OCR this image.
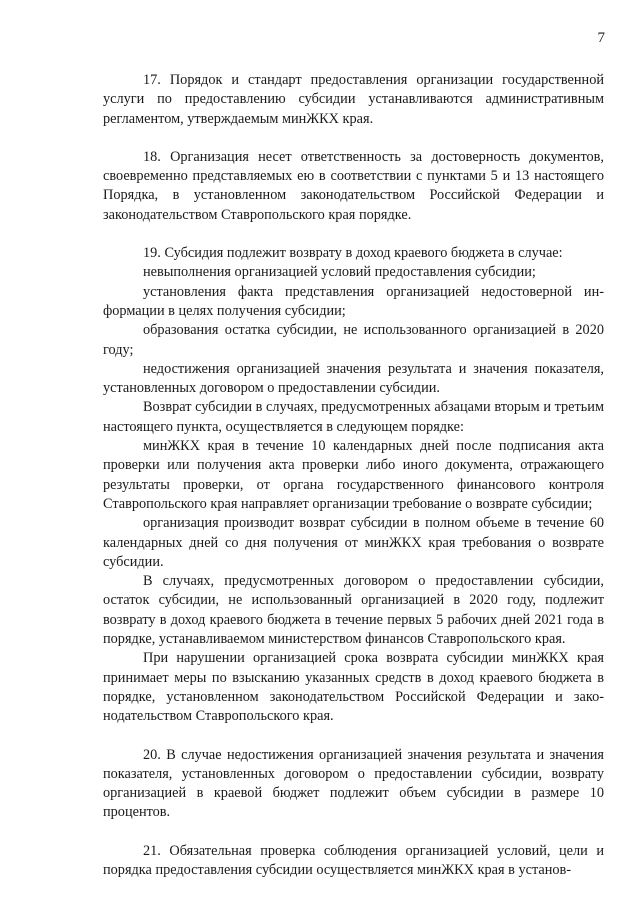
7

17. Порядок и стандарт предоставления организации государственной услуги по предоставлению субсидии устанавливаются административным регламентом, утверждаемым минЖКХ края.

18. Организация несет ответственность за достоверность документов, своевременно представляемых ею в соответствии с пунктами 5 и 13 настоящего Порядка, в установленном законодательством Российской Федерации и законодательством Ставропольского края порядке.

19. Субсидия подлежит возврату в доход краевого бюджета в случае:

невыполнения организацией условий предоставления субсидии;

установления факта представления организацией недостоверной информации в целях получения субсидии;

образования остатка субсидии, не использованного организацией в 2020 году;

недостижения организацией значения результата и значения показателя, установленных договором о предоставлении субсидии.

Возврат субсидии в случаях, предусмотренных абзацами вторым и третьим настоящего пункта, осуществляется в следующем порядке:

минЖКХ края в течение 10 календарных дней после подписания акта проверки или получения акта проверки либо иного документа, отражающего результаты проверки, от органа государственного финансового контроля Ставропольского края направляет организации требование о возврате субсидии;

организация производит возврат субсидии в полном объеме в течение 60 календарных дней со дня получения от минЖКХ края требования о возврате субсидии.

В случаях, предусмотренных договором о предоставлении субсидии, остаток субсидии, не использованный организацией в 2020 году, подлежит возврату в доход краевого бюджета в течение первых 5 рабочих дней 2021 года в порядке, устанавливаемом министерством финансов Ставропольского края.

При нарушении организацией срока возврата субсидии минЖКХ края принимает меры по взысканию указанных средств в доход краевого бюджета в порядке, установленном законодательством Российской Федерации и законодательством Ставропольского края.

20. В случае недостижения организацией значения результата и значения показателя, установленных договором о предоставлении субсидии, возврату организацией в краевой бюджет подлежит объем субсидии в размере 10 процентов.

21. Обязательная проверка соблюдения организацией условий, цели и порядка предоставления субсидии осуществляется минЖКХ края в установ-
